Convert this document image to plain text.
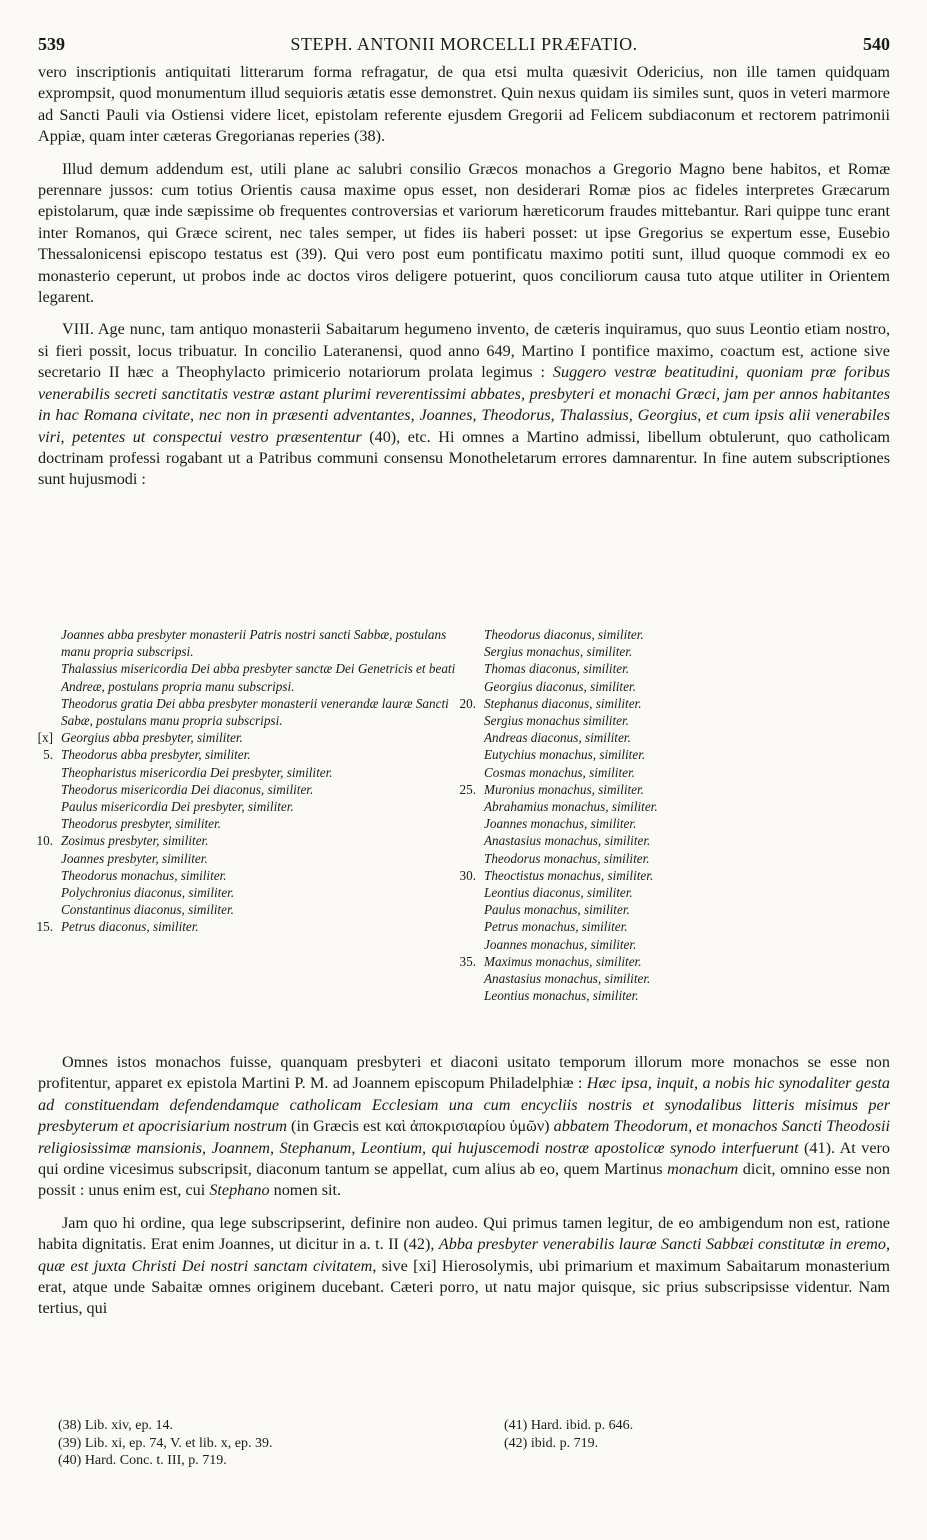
539	STEPH. ANTONII MORCELLI PRÆFATIO.	540

vero inscriptionis antiquitati litterarum forma refragatur, de qua etsi multa quæsivit Odericius, non ille tamen quidquam exprompsit, quod monumentum illud sequioris ætatis esse demonstret. Quin nexus quidam iis similes sunt, quos in veteri marmore ad Sancti Pauli via Ostiensi videre licet, epistolam referente ejusdem Gregorii ad Felicem subdiaconum et rectorem patrimonii Appiæ, quam inter cæteras Gregorianas reperies (38).

Illud demum addendum est, utili plane ac salubri consilio Græcos monachos a Gregorio Magno bene habitos, et Romæ perennare jussos: cum totius Orientis causa maxime opus esset, non desiderari Romæ pios ac fideles interpretes Græcarum epistolarum, quæ inde sæpissime ob frequentes controversias et variorum hæreticorum fraudes mittebantur. Rari quippe tunc erant inter Romanos, qui Græce scirent, nec tales semper, ut fides iis haberi posset: ut ipse Gregorius se expertum esse, Eusebio Thessalonicensi episcopo testatus est (39). Qui vero post eum pontificatu maximo potiti sunt, illud quoque commodi ex eo monasterio ceperunt, ut probos inde ac doctos viros deligere potuerint, quos conciliorum causa tuto atque utiliter in Orientem legarent.

VIII. Age nunc, tam antiquo monasterii Sabaitarum hegumeno invento, de cæteris inquiramus, quo suus Leontio etiam nostro, si fieri possit, locus tribuatur. In concilio Lateranensi, quod anno 649, Martino I pontifice maximo, coactum est, actione sive secretario II hæc a Theophylacto primicerio notariorum prolata legimus : Suggero vestræ beatitudini, quoniam præ foribus venerabilis secreti sanctitatis vestræ astant plurimi reverentissimi abbates, presbyteri et monachi Græci, jam per annos habitantes in hac Romana civitate, nec non in præsenti adventantes, Joannes, Theodorus, Thalassius, Georgius, et cum ipsis alii venerabiles viri, petentes ut conspectui vestro præsententur (40), etc. Hi omnes a Martino admissi, libellum obtulerunt, quo catholicam doctrinam professi rogabant ut a Patribus communi consensu Monotheletarum errores damnarentur. In fine autem subscriptiones sunt hujusmodi :

Joannes abba presbyter monasterii Patris nostri sancti Sabbæ, postulans manu propria subscripsi.
Thalassius misericordia Dei abba presbyter sanctæ Dei Genetricis et beati Andreæ, postulans propria manu subscripsi.
Theodorus gratia Dei abba presbyter monasterii venerandæ lauræ Sancti Sabæ, postulans manu propria subscripsi.
[x] Georgius abba presbyter, similiter.
5. Theodorus abba presbyter, similiter.
Theopharistus misericordia Dei presbyter, similiter.
Theodorus misericordia Dei diaconus, similiter.
Paulus misericordia Dei presbyter, similiter.
Theodorus presbyter, similiter.
10. Zosimus presbyter, similiter.
Joannes presbyter, similiter.
Theodorus monachus, similiter.
Polychronius diaconus, similiter.
Constantinus diaconus, similiter.
15. Petrus diaconus, similiter.
Theodorus diaconus, similiter.
Sergius monachus, similiter.
Thomas diaconus, similiter.
Georgius diaconus, similiter.
20. Stephanus diaconus, similiter.
Sergius monachus similiter.
Andreas diaconus, similiter.
Eutychius monachus, similiter.
Cosmas monachus, similiter.
25. Muronius monachus, similiter.
Abrahamius monachus, similiter.
Joannes monachus, similiter.
Anastasius monachus, similiter.
Theodorus monachus, similiter.
30. Theoctistus monachus, similiter.
Leontius diaconus, similiter.
Paulus monachus, similiter.
Petrus monachus, similiter.
Joannes monachus, similiter.
35. Maximus monachus, similiter.
Anastasius monachus, similiter.
Leontius monachus, similiter.

Omnes istos monachos fuisse, quanquam presbyteri et diaconi usitato temporum illorum more monachos se esse non profitentur, apparet ex epistola Martini P. M. ad Joannem episcopum Philadelphiæ : Hæc ipsa, inquit, a nobis hic synodaliter gesta ad constituendam defendendamque catholicam Ecclesiam una cum encycliis nostris et synodalibus litteris misimus per presbyterum et apocrisiarium nostrum (in Græcis est καὶ ἀποκρισιαρίου ὑμῶν) abbatem Theodorum, et monachos Sancti Theodosii religiosissimæ mansionis, Joannem, Stephanum, Leontium, qui hujuscemodi nostræ apostolicæ synodo interfuerunt (41). At vero qui ordine vicesimus subscripsit, diaconum tantum se appellat, cum alius ab eo, quem Martinus monachum dicit, omnino esse non possit : unus enim est, cui Stephano nomen sit.

Jam quo hi ordine, qua lege subscripserint, definire non audeo. Qui primus tamen legitur, de eo ambigendum non est, ratione habita dignitatis. Erat enim Joannes, ut dicitur in a. t. II (42), Abba presbyter venerabilis lauræ Sancti Sabbæi constitutæ in eremo, quæ est juxta Christi Dei nostri sanctam civitatem, sive [xi] Hierosolymis, ubi primarium et maximum Sabaitarum monasterium erat, atque unde Sabaitæ omnes originem ducebant. Cæteri porro, ut natu major quisque, sic prius subscripsisse videntur. Nam tertius, qui

(38) Lib. xiv, ep. 14.
(39) Lib. xi, ep. 74, V. et lib. x, ep. 39.
(40) Hard. Conc. t. III, p. 719.
(41) Hard. ibid. p. 646.
(42) ibid. p. 719.
